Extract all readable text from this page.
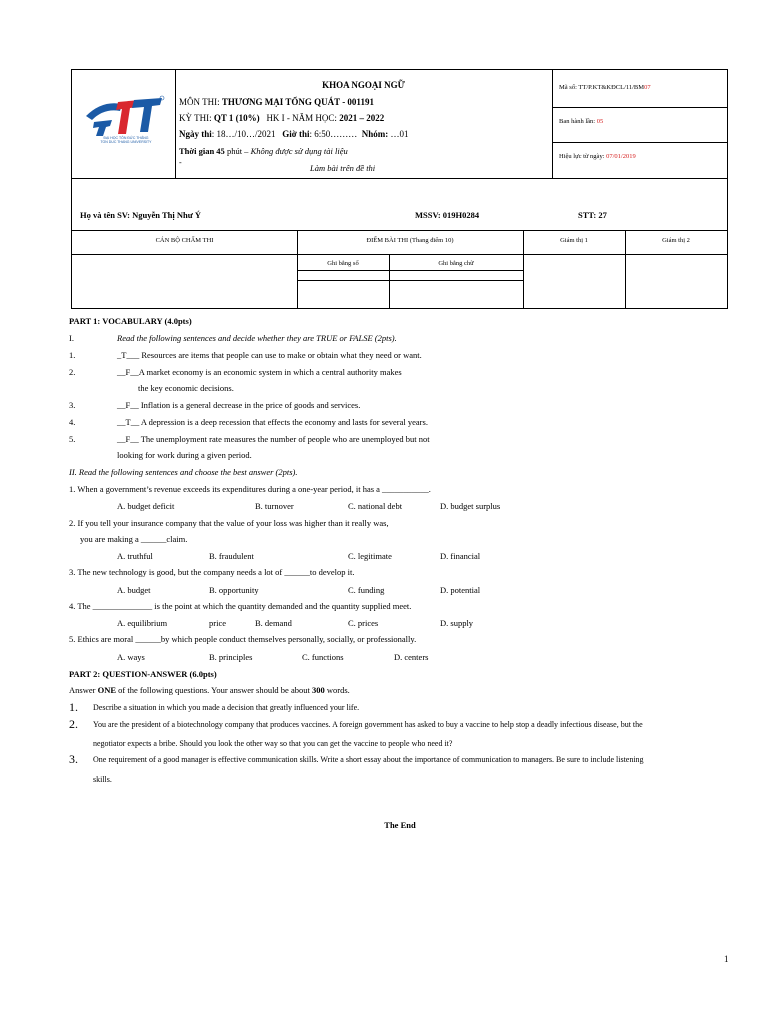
ĐẠI HỌC TÔN ĐỨC THẮNG
TON DUC THANG UNIVERSITY
KHOA NGOẠI NGỮ
MÔN THI: THƯƠNG MẠI TỔNG QUÁT - 001191
KỲ THI: QT 1 (10%) HK I - NĂM HỌC: 2021 – 2022
Ngày thi: 18…/10…/2021 Giờ thi: 6:50……… Nhóm: …01
Thời gian 45 phút – Không được sử dụng tài liệu
-
Làm bài trên đề thi
Mã số: TT/P.KT&KĐCL/11/BM07
Ban hành lần: 05
Hiệu lực từ ngày: 07/01/2019
Họ và tên SV: Nguyễn Thị Như Ý	MSSV: 019H0284	STT: 27
CÁN BỘ CHẤM THI	ĐIỂM BÀI THI (Thang điểm 10)	Giám thị 1	Giám thị 2
Ghi bằng số	Ghi bằng chữ
PART 1: VOCABULARY (4.0pts)
I.	Read the following sentences and decide whether they are TRUE or FALSE (2pts).
1.	_T___ Resources are items that people can use to make or obtain what they need or want.
2.	__F__A market economy is an economic system in which a central authority makes
the key economic decisions.
3.	__F__ Inflation is a general decrease in the price of goods and services.
4.	__T__ A depression is a deep recession that effects the economy and lasts for several years.
5.	__F__ The unemployment rate measures the number of people who are unemployed but not
looking for work during a given period.
II. Read the following sentences and choose the best answer (2pts).
1. When a government’s revenue exceeds its expenditures during a one-year period, it has a ___________.
A. budget deficit	B. turnover	C. national debt	D. budget surplus
2. If you tell your insurance company that the value of your loss was higher than it really was,
you are making a ______claim.
A. truthful	B. fraudulent	C. legitimate	D. financial
3. The new technology is good, but the company needs a lot of ______to develop it.
A. budget	B. opportunity	C. funding	D. potential
4. The ______________ is the point at which the quantity demanded and the quantity supplied meet.
A. equilibrium	price	B. demand	C. prices	D. supply
5. Ethics are moral ______by which people conduct themselves personally, socially, or professionally.
A. ways	B. principles	C. functions	D. centers
PART 2: QUESTION-ANSWER (6.0pts)
Answer ONE of the following questions. Your answer should be about 300 words.
1. Describe a situation in which you made a decision that greatly influenced your life.
2. You are the president of a biotechnology company that produces vaccines. A foreign government has asked to buy a vaccine to help stop a deadly infectious disease, but the
negotiator expects a bribe. Should you look the other way so that you can get the vaccine to people who need it?
3. One requirement of a good manager is effective communication skills. Write a short essay about the importance of communication to managers. Be sure to include listening
skills.
The End
1
